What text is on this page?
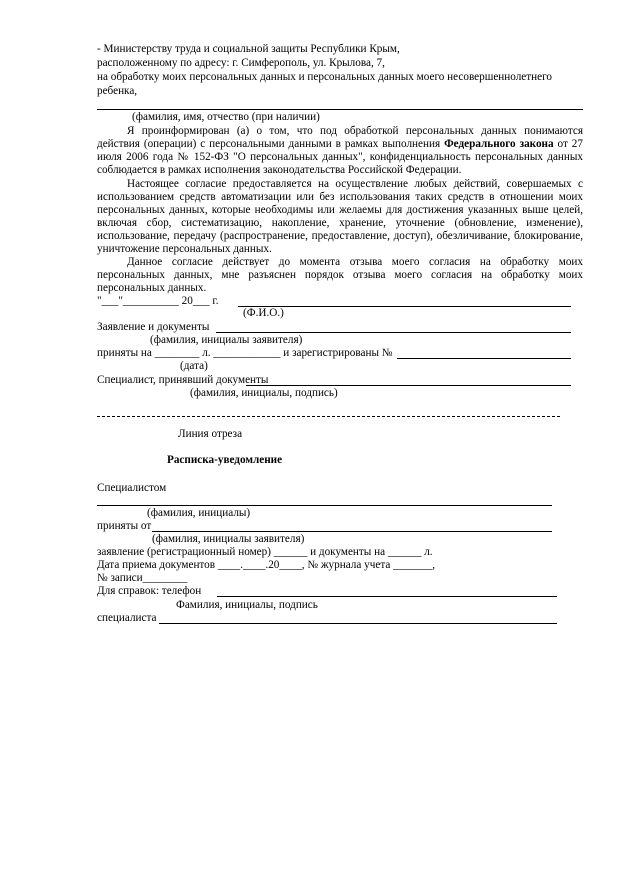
- Министерству труда и социальной защиты Республики Крым,
расположенному по адресу: г. Симферополь, ул. Крылова, 7,
на обработку моих персональных данных и персональных данных моего несовершеннолетнего
ребенка,
(фамилия, имя, отчество (при наличии)
Я проинформирован (а) о том, что под обработкой персональных данных понимаются действия (операции) с персональными данными в рамках выполнения Федерального закона от 27 июля 2006 года № 152-ФЗ "О персональных данных", конфиденциальность персональных данных соблюдается в рамках исполнения законодательства Российской Федерации.
Настоящее согласие предоставляется на осуществление любых действий, совершаемых с использованием средств автоматизации или без использования таких средств в отношении моих персональных данных, которые необходимы или желаемы для достижения указанных выше целей, включая сбор, систематизацию, накопление, хранение, уточнение (обновление, изменение), использование, передачу (распространение, предоставление, доступ), обезличивание, блокирование, уничтожение персональных данных.
Данное согласие действует до момента отзыва моего согласия на обработку моих персональных данных, мне разъяснен порядок отзыва моего согласия на обработку моих персональных данных.
"___"__________ 20___ г.
(Ф.И.О.)
Заявление и документы
(фамилия, инициалы заявителя)
приняты на ________ л. ____________ и зарегистрированы №
(дата)
Специалист, принявший документы
(фамилия, инициалы, подпись)
Линия отреза
Расписка-уведомление
Специалистом
(фамилия, инициалы)
приняты от
(фамилия, инициалы заявителя)
заявление (регистрационный номер) ______ и документы на ______ л.
Дата приема документов ____.____.20____, № журнала учета _______,
№ записи________
Для справок: телефон
Фамилия, инициалы, подпись
специалиста
